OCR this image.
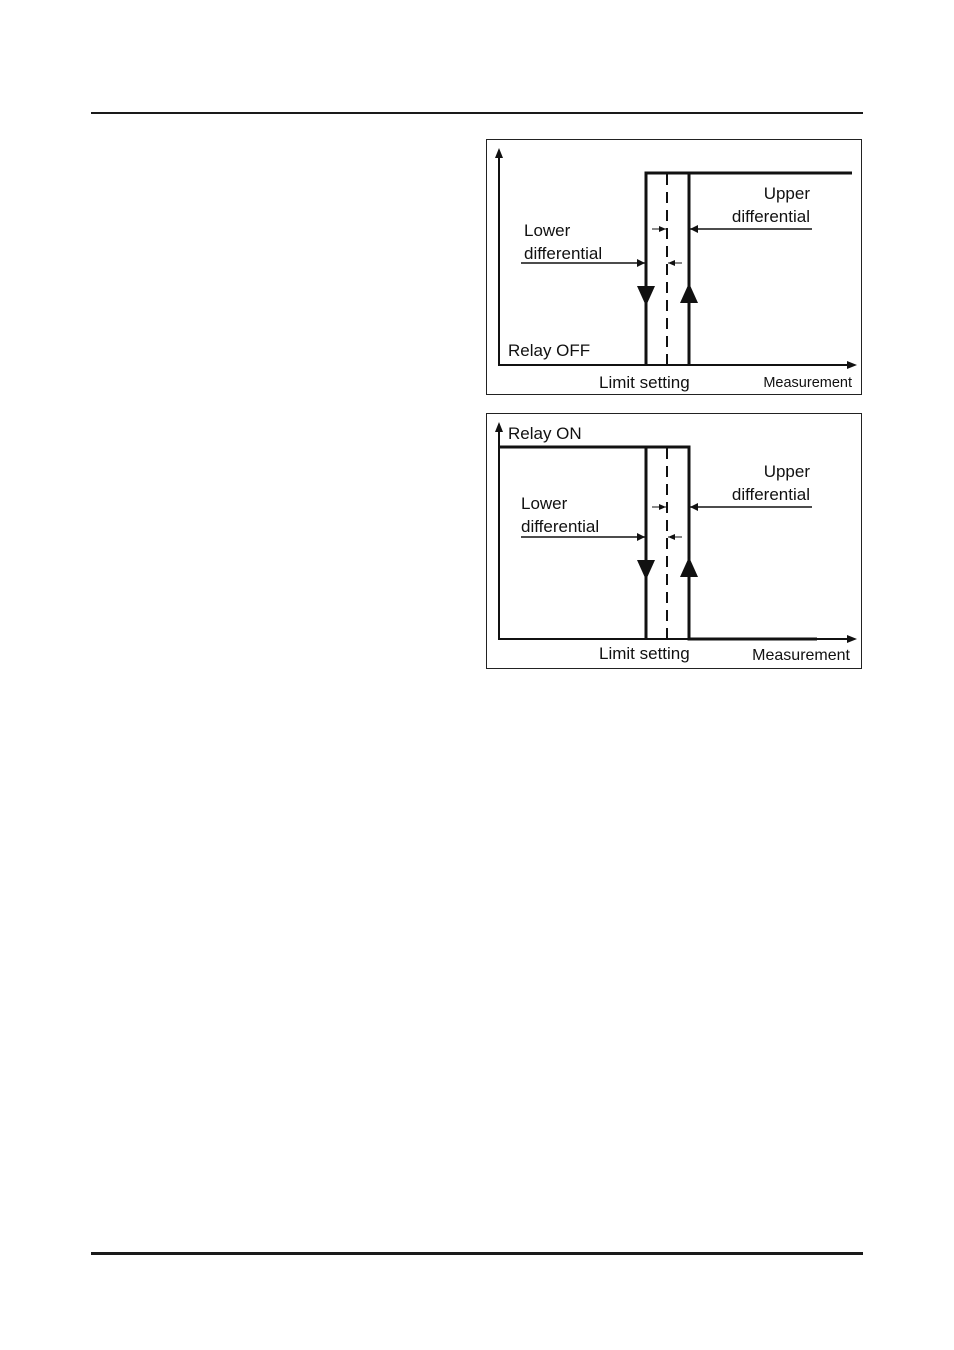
Lower
differential
Upper
differential
Relay OFF
Limit setting	Measurement
Relay ON
Lower
differential
Upper
differential
Limit setting	Measurement
